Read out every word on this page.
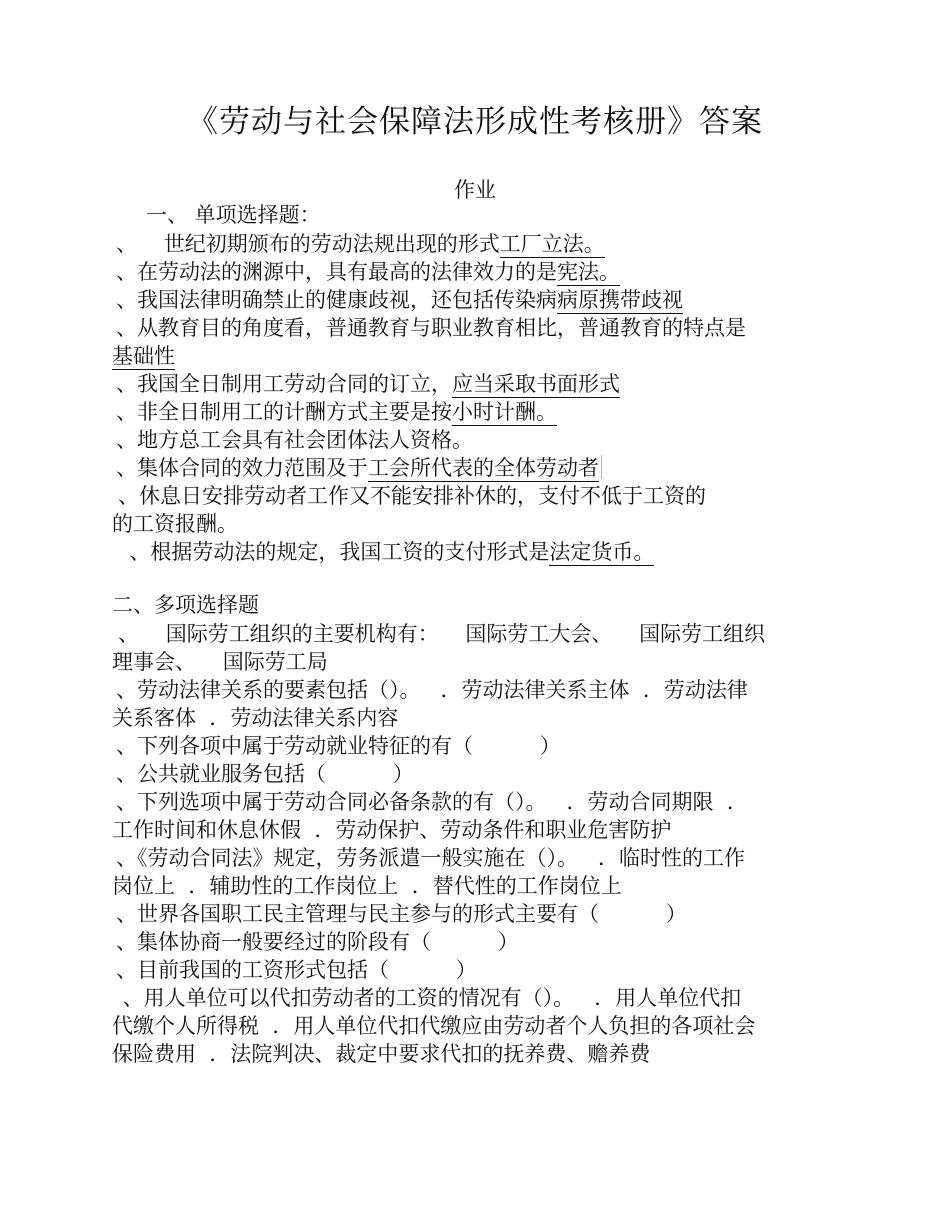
《劳动与社会保障法形成性考核册》答案
作业
一、 单项选择题：
、    世纪初期颁布的劳动法规出现的形式工厂立法。
、在劳动法的渊源中，具有最高的法律效力的是宪法。
、我国法律明确禁止的健康歧视，还包括传染病病原携带歧视
、从教育目的角度看，普通教育与职业教育相比，普通教育的特点是
基础性
、我国全日制用工劳动合同的订立，应当采取书面形式
、非全日制用工的计酬方式主要是按小时计酬。
、地方总工会具有社会团体法人资格。
、集体合同的效力范围及于工会所代表的全体劳动者
、休息日安排劳动者工作又不能安排补休的，支付不低于工资的
的工资报酬。
、根据劳动法的规定，我国工资的支付形式是法定货币。
二、多项选择题
、    国际劳工组织的主要机构有：    国际劳工大会、    国际劳工组织
理事会、    国际劳工局
、劳动法律关系的要素包括（）。   ．劳动法律关系主体  ．劳动法律
关系客体  ．劳动法律关系内容
、下列各项中属于劳动就业特征的有（          ）
、公共就业服务包括（          ）
、下列选项中属于劳动合同必备条款的有（）。   ．劳动合同期限  ．
工作时间和休息休假  ．劳动保护、劳动条件和职业危害防护
、《劳动合同法》规定，劳务派遣一般实施在（）。   ．临时性的工作
岗位上  ．辅助性的工作岗位上  ．替代性的工作岗位上
、世界各国职工民主管理与民主参与的形式主要有（          ）
、集体协商一般要经过的阶段有（          ）
、目前我国的工资形式包括（          ）
、用人单位可以代扣劳动者的工资的情况有（）。   ．用人单位代扣
代缴个人所得税  ．用人单位代扣代缴应由劳动者个人负担的各项社会
保险费用  ．法院判决、裁定中要求代扣的抚养费、赡养费
